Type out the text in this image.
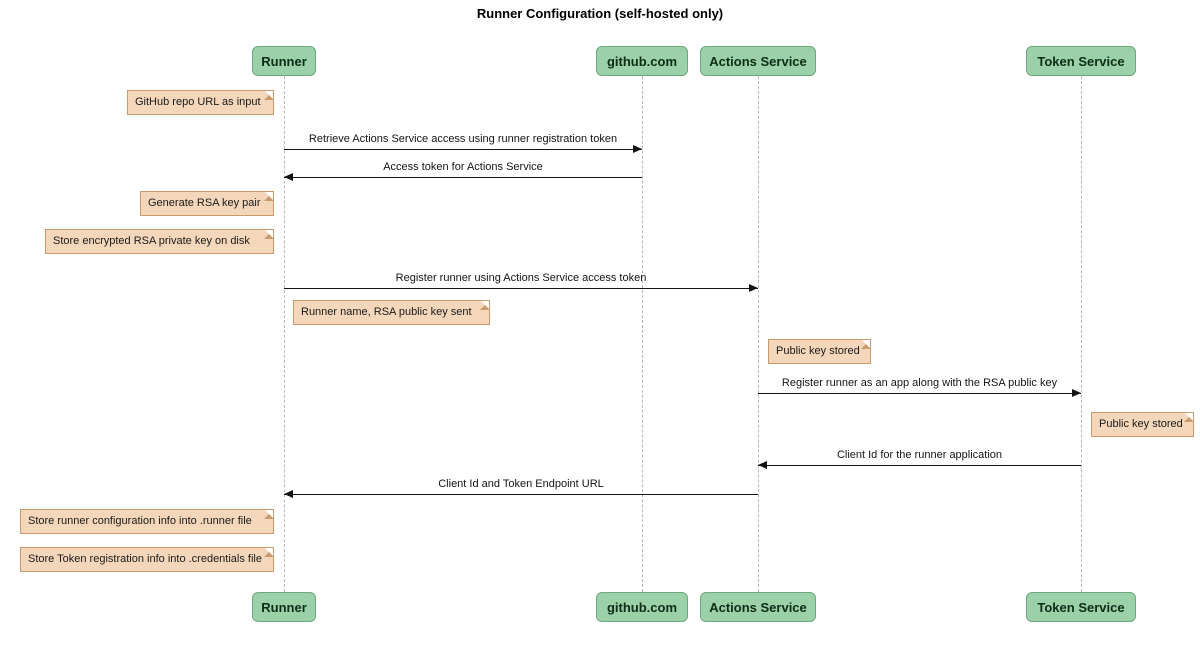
Runner Configuration (self-hosted only)
Runner
Runner
github.com
github.com
Actions Service
Actions Service
Token Service
Token Service
Retrieve Actions Service access using runner registration token
Access token for Actions Service
Register runner using Actions Service access token
Register runner as an app along with the RSA public key
Client Id for the runner application
Client Id and Token Endpoint URL
GitHub repo URL as input
Generate RSA key pair
Store encrypted RSA private key on disk
Runner name, RSA public key sent
Public key stored
Public key stored
Store runner configuration info into .runner file
Store Token registration info into .credentials file
